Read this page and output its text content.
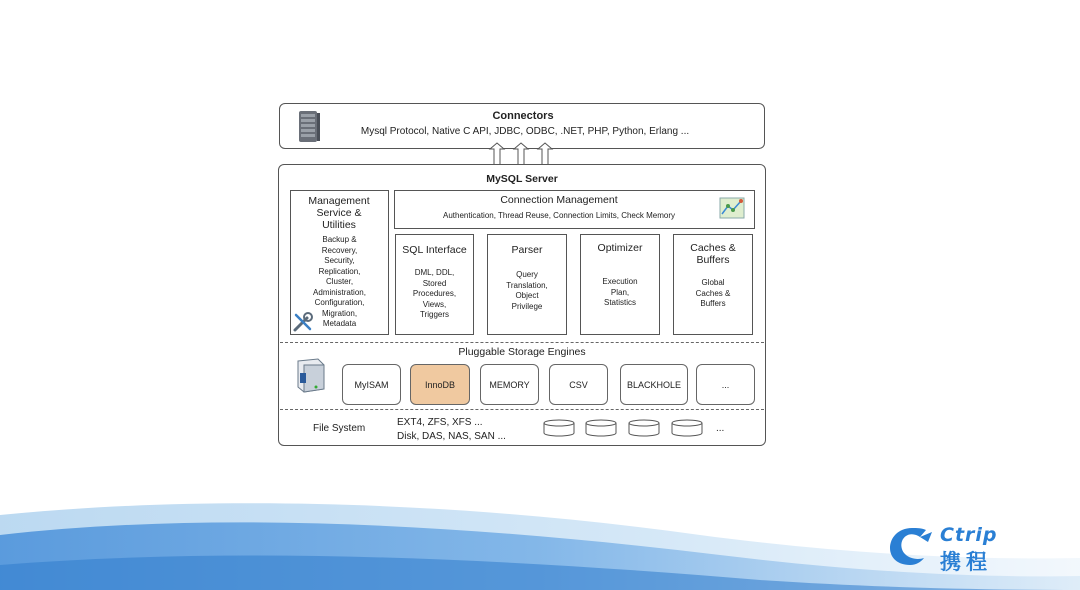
Connectors
Mysql Protocol, Native C API, JDBC, ODBC, .NET, PHP, Python, Erlang ...
MySQL Server
Management Service & Utilities
Backup &
Recovery,
Security,
Replication,
Cluster,
Administration,
Configuration,
Migration,
Metadata
Connection Management
Authentication, Thread Reuse, Connection Limits, Check Memory
SQL Interface
DML, DDL,
Stored
Procedures,
Views,
Triggers
Parser
Query
Translation,
Object
Privilege
Optimizer
Execution
Plan,
Statistics
Caches & Buffers
Global
Caches &
Buffers
Pluggable Storage Engines
MyISAM	InnoDB	MEMORY	CSV	BLACKHOLE	...
File System
EXT4, ZFS, XFS ...
Disk, DAS, NAS, SAN ...
...
Ctrip
携程
